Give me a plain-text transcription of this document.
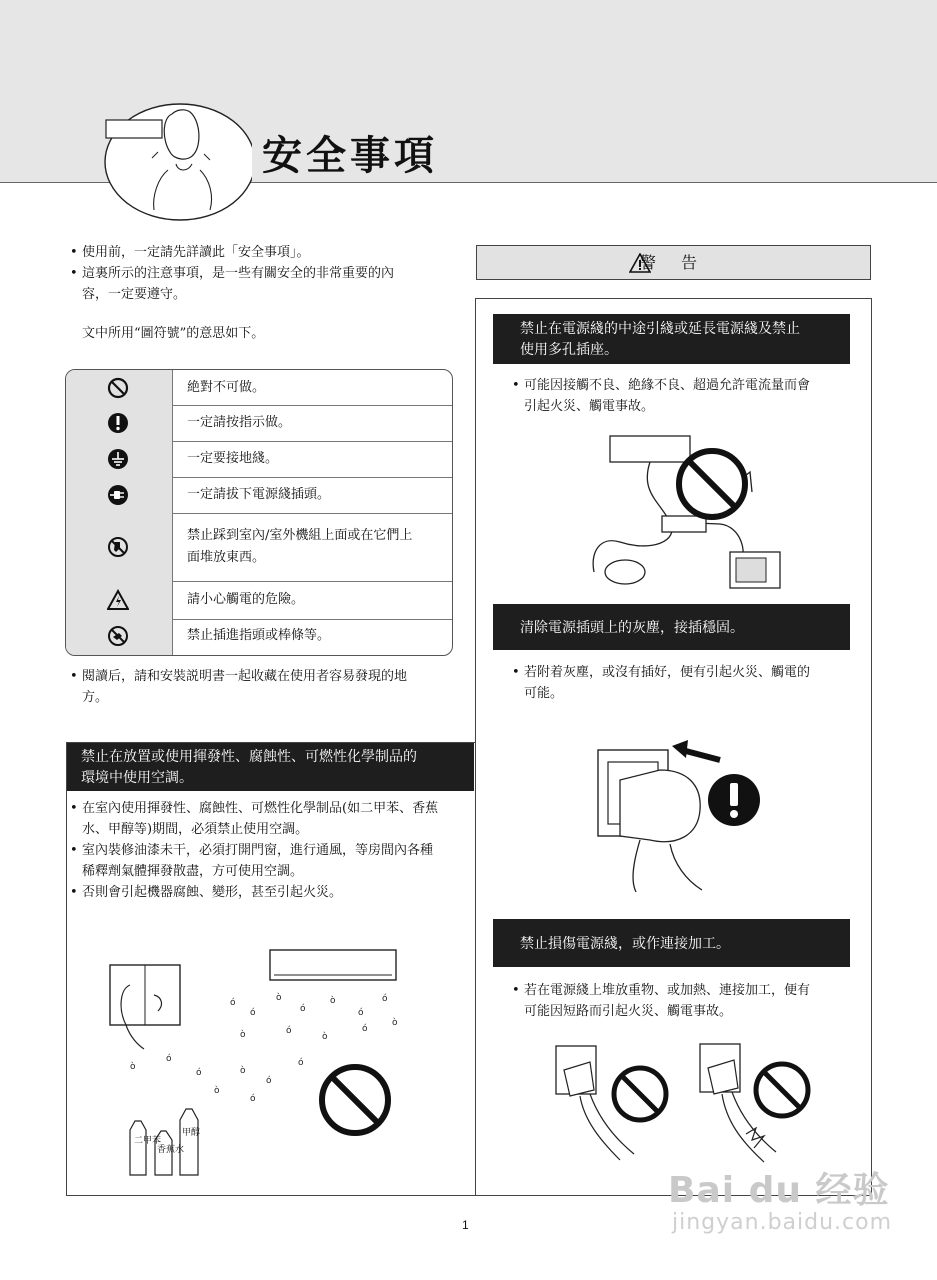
安全事項
• 使用前，一定請先詳讀此「安全事項」。
• 這裏所示的注意事項，是一些有關安全的非常重要的內
容，一定要遵守。
文中所用“圖符號”的意思如下。
絶對不可做。
一定請按指示做。
一定要接地綫。
一定請拔下電源綫插頭。
禁止踩到室內/室外機組上面或在它們上
面堆放東西。
請小心觸電的危險。
禁止插進指頭或棒條等。
• 閱讀后，請和安裝説明書一起收藏在使用者容易發現的地
方。
禁止在放置或使用揮發性、腐蝕性、可燃性化學制品的
環境中使用空調。
• 在室內使用揮發性、腐蝕性、可燃性化學制品(如二甲苯、香蕉
水、甲醇等)期間，必須禁止使用空調。
• 室內裝修油漆未干，必須打開門窗，進行通風，等房間內各種
稀釋劑氣體揮發散盡，方可使用空調。
• 否則會引起機器腐蝕、變形，甚至引起火災。
ó
ó
ò
ó
ò
ó
ó
ò	ó
ò
ó
ò
ò
ó
ó	ò
ó
ó
ò
ó
二甲苯
香蕉水
甲醇
警 告
禁止在電源綫的中途引綫或延長電源綫及禁止
使用多孔插座。
• 可能因接觸不良、絶緣不良、超過允許電流量而會
引起火災、觸電事故。
清除電源插頭上的灰塵，接插穩固。
• 若附着灰塵，或沒有插好，便有引起火災、觸電的
可能。
禁止損傷電源綫，或作連接加工。
• 若在電源綫上堆放重物、或加熱、連接加工，便有
可能因短路而引起火災、觸電事故。
1
Bai du 经验
jingyan.baidu.com
